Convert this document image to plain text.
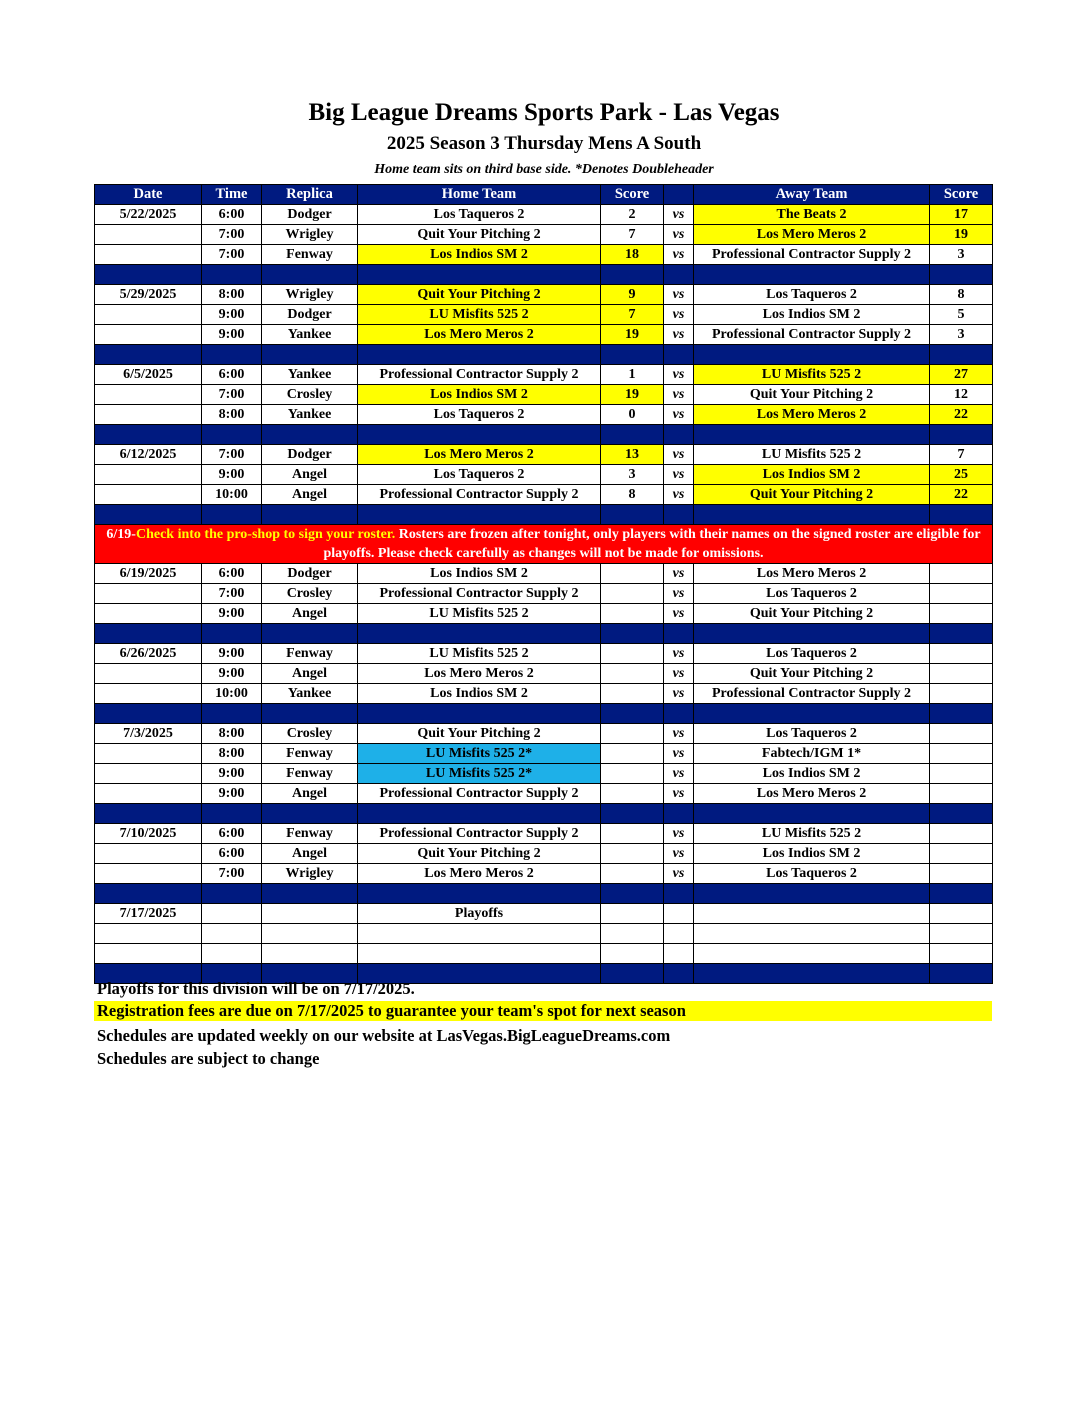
Big League Dreams Sports Park - Las Vegas
2025 Season 3 Thursday Mens A South
Home team sits on third base side. *Denotes Doubleheader
Date	Time	Replica	Home Team	Score		Away Team	Score
5/22/2025	6:00	Dodger	Los Taqueros 2	2	vs	The Beats 2	17
	7:00	Wrigley	Quit Your Pitching 2	7	vs	Los Mero Meros 2	19
	7:00	Fenway	Los Indios SM 2	18	vs	Professional Contractor Supply 2	3

5/29/2025	8:00	Wrigley	Quit Your Pitching 2	9	vs	Los Taqueros 2	8
	9:00	Dodger	LU Misfits 525 2	7	vs	Los Indios SM 2	5
	9:00	Yankee	Los Mero Meros 2	19	vs	Professional Contractor Supply 2	3

6/5/2025	6:00	Yankee	Professional Contractor Supply 2	1	vs	LU Misfits 525 2	27
	7:00	Crosley	Los Indios SM 2	19	vs	Quit Your Pitching 2	12
	8:00	Yankee	Los Taqueros 2	0	vs	Los Mero Meros 2	22

6/12/2025	7:00	Dodger	Los Mero Meros 2	13	vs	LU Misfits 525 2	7
	9:00	Angel	Los Taqueros 2	3	vs	Los Indios SM 2	25
	10:00	Angel	Professional Contractor Supply 2	8	vs	Quit Your Pitching 2	22

6/19-Check into the pro-shop to sign your roster. Rosters are frozen after tonight, only players with their names on the signed roster are eligible for playoffs. Please check carefully as changes will not be made for omissions.							
6/19/2025	6:00	Dodger	Los Indios SM 2		vs	Los Mero Meros 2	
	7:00	Crosley	Professional Contractor Supply 2		vs	Los Taqueros 2	
	9:00	Angel	LU Misfits 525 2		vs	Quit Your Pitching 2	

6/26/2025	9:00	Fenway	LU Misfits 525 2		vs	Los Taqueros 2	
	9:00	Angel	Los Mero Meros 2		vs	Quit Your Pitching 2	
	10:00	Yankee	Los Indios SM 2		vs	Professional Contractor Supply 2	

7/3/2025	8:00	Crosley	Quit Your Pitching 2		vs	Los Taqueros 2	
	8:00	Fenway	LU Misfits 525 2*		vs	Fabtech/IGM 1*	
	9:00	Fenway	LU Misfits 525 2*		vs	Los Indios SM 2	
	9:00	Angel	Professional Contractor Supply 2		vs	Los Mero Meros 2	

7/10/2025	6:00	Fenway	Professional Contractor Supply 2		vs	LU Misfits 525 2	
	6:00	Angel	Quit Your Pitching 2		vs	Los Indios SM 2	
	7:00	Wrigley	Los Mero Meros 2		vs	Los Taqueros 2	

7/17/2025			Playoffs				

Playoffs for this division will be on 7/17/2025.
Registration fees are due on 7/17/2025 to guarantee your team's spot for next season
Schedules are updated weekly on our website at LasVegas.BigLeagueDreams.com
Schedules are subject to change
